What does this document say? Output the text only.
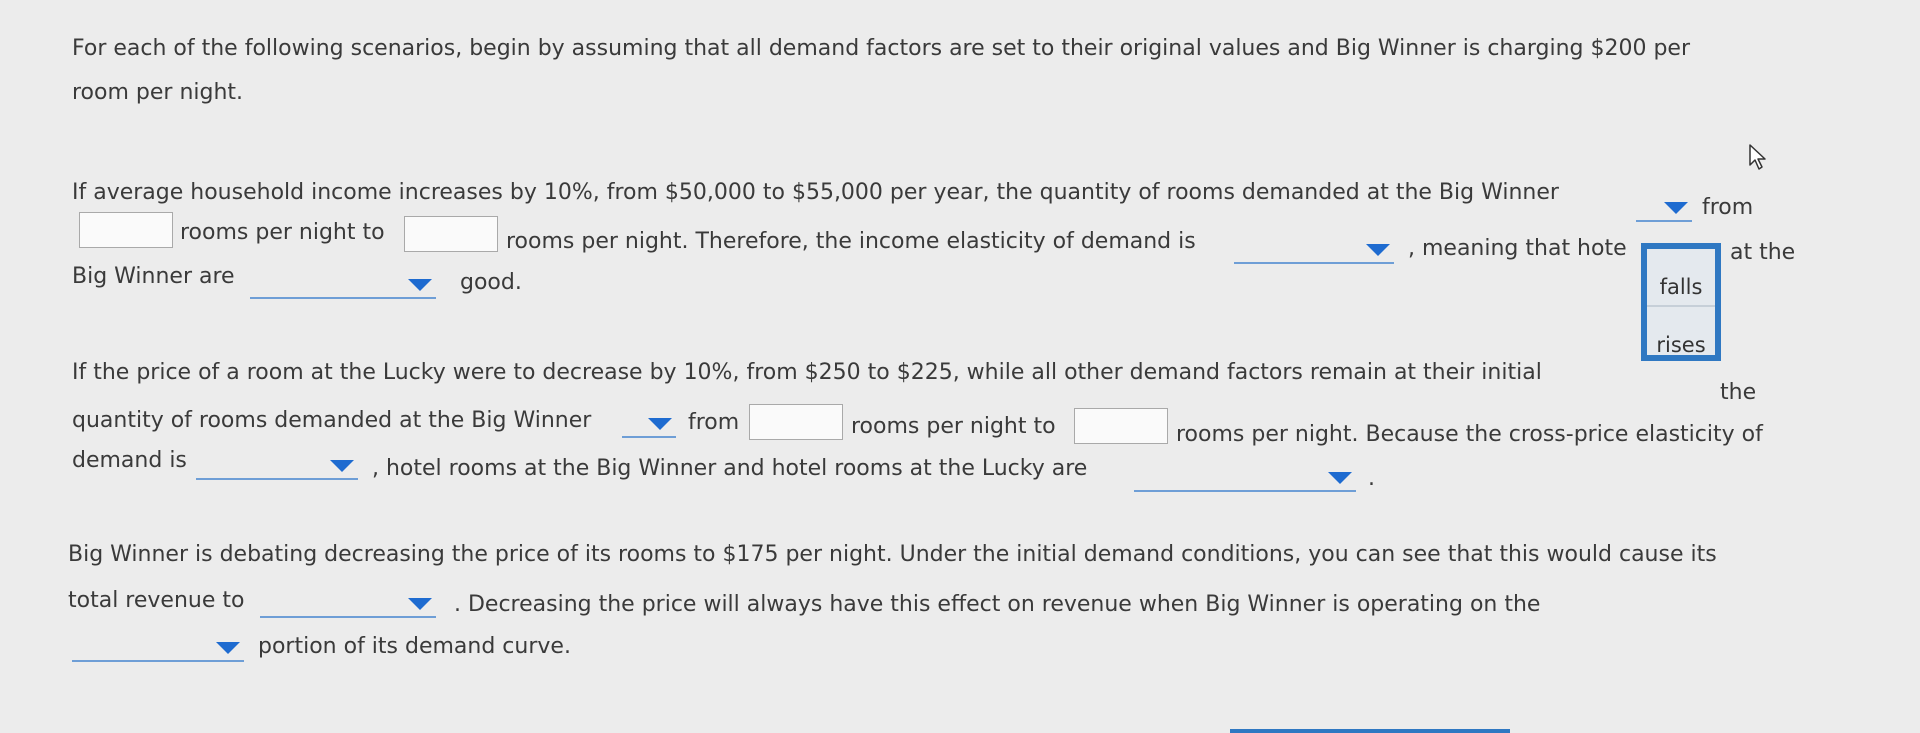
For each of the following scenarios, begin by assuming that all demand factors are set to their original values and Big Winner is charging $200 per
room per night.
If average household income increases by 10%, from $50,000 to $55,000 per year, the quantity of rooms demanded at the Big Winner
from
rooms per night to	rooms per night. Therefore, the income elasticity of demand is	, meaning that hote	at the
Big Winner are	good.
If the price of a room at the Lucky were to decrease by 10%, from $250 to $225, while all other demand factors remain at their initial
the
quantity of rooms demanded at the Big Winner	from	rooms per night to	rooms per night. Because the cross-price elasticity of
demand is	, hotel rooms at the Big Winner and hotel rooms at the Lucky are	.
Big Winner is debating decreasing the price of its rooms to $175 per night. Under the initial demand conditions, you can see that this would cause its
total revenue to	. Decreasing the price will always have this effect on revenue when Big Winner is operating on the
portion of its demand curve.
falls
rises
